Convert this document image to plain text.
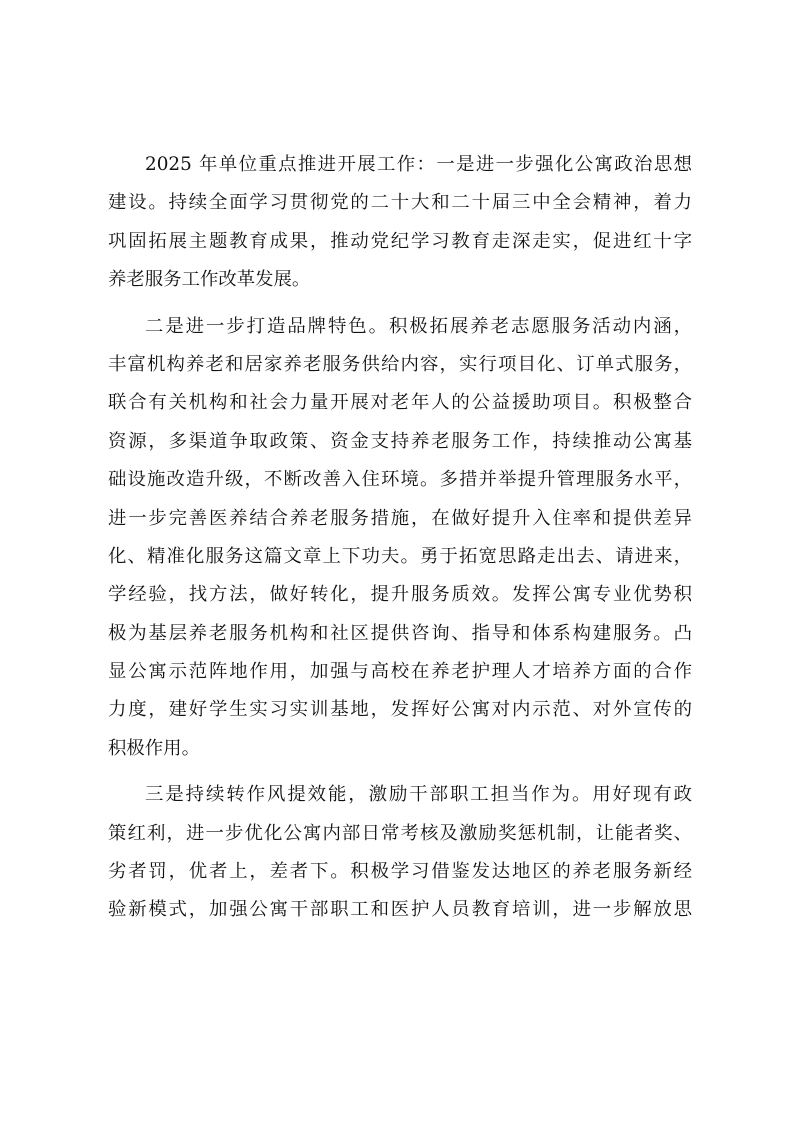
2025 年单位重点推进开展工作：一是进一步强化公寓政治思想
建设。持续全面学习贯彻党的二十大和二十届三中全会精神，着力
巩固拓展主题教育成果，推动党纪学习教育走深走实，促进红十字
养老服务工作改革发展。
二是进一步打造品牌特色。积极拓展养老志愿服务活动内涵，
丰富机构养老和居家养老服务供给内容，实行项目化、订单式服务，
联合有关机构和社会力量开展对老年人的公益援助项目。积极整合
资源，多渠道争取政策、资金支持养老服务工作，持续推动公寓基
础设施改造升级，不断改善入住环境。多措并举提升管理服务水平，
进一步完善医养结合养老服务措施，在做好提升入住率和提供差异
化、精准化服务这篇文章上下功夫。勇于拓宽思路走出去、请进来，
学经验，找方法，做好转化，提升服务质效。发挥公寓专业优势积
极为基层养老服务机构和社区提供咨询、指导和体系构建服务。凸
显公寓示范阵地作用，加强与高校在养老护理人才培养方面的合作
力度，建好学生实习实训基地，发挥好公寓对内示范、对外宣传的
积极作用。
三是持续转作风提效能，激励干部职工担当作为。用好现有政
策红利，进一步优化公寓内部日常考核及激励奖惩机制，让能者奖、
劣者罚，优者上，差者下。积极学习借鉴发达地区的养老服务新经
验新模式，加强公寓干部职工和医护人员教育培训，进一步解放思
